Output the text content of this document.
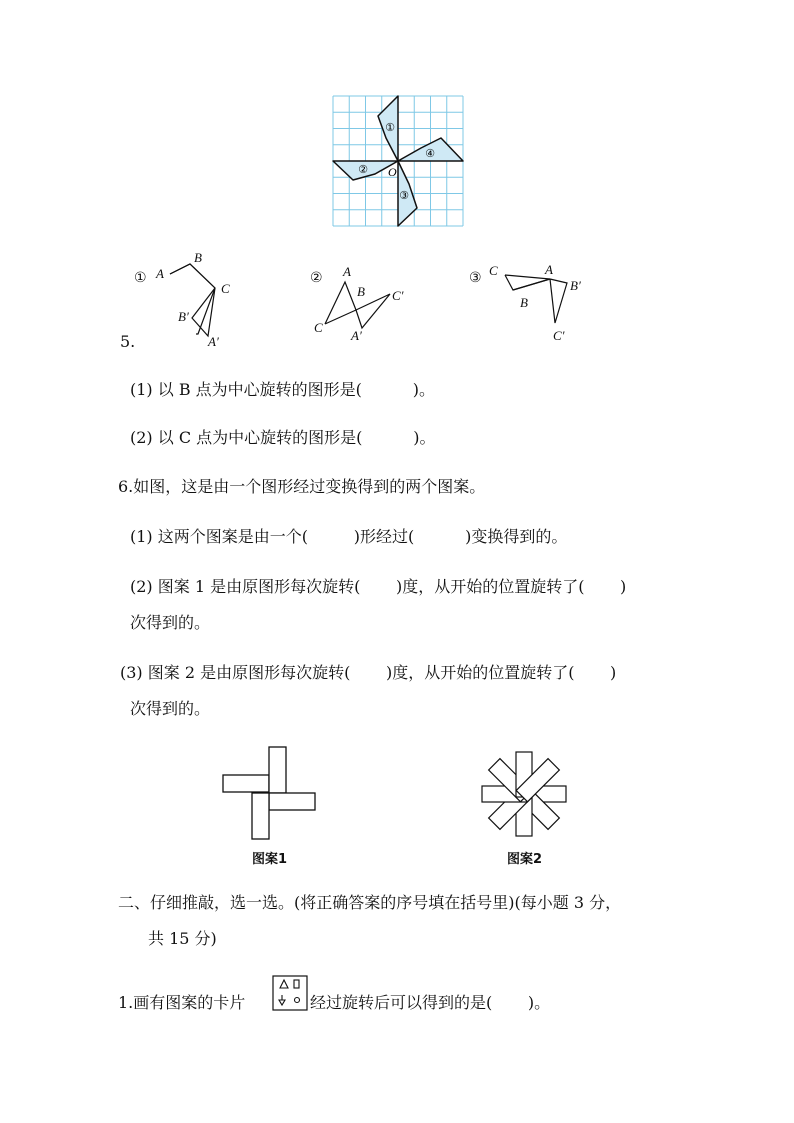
①
④
③
② O
① A
B
C
B′
A′
② A
B C′
C
A′
③ C	A
B′
B
C′
5.
(1) 以 B 点为中心旋转的图形是(          )。
(2) 以 C 点为中心旋转的图形是(          )。
6.如图，这是由一个图形经过变换得到的两个图案。
(1) 这两个图案是由一个(         )形经过(          )变换得到的。
(2) 图案 1 是由原图形每次旋转(       )度，从开始的位置旋转了(       )
次得到的。
(3) 图案 2 是由原图形每次旋转(       )度，从开始的位置旋转了(       )
次得到的。
图案1	图案2
二、仔细推敲，选一选。(将正确答案的序号填在括号里)(每小题 3 分，
共 15 分)
1.画有图案的卡片	经过旋转后可以得到的是(       )。
